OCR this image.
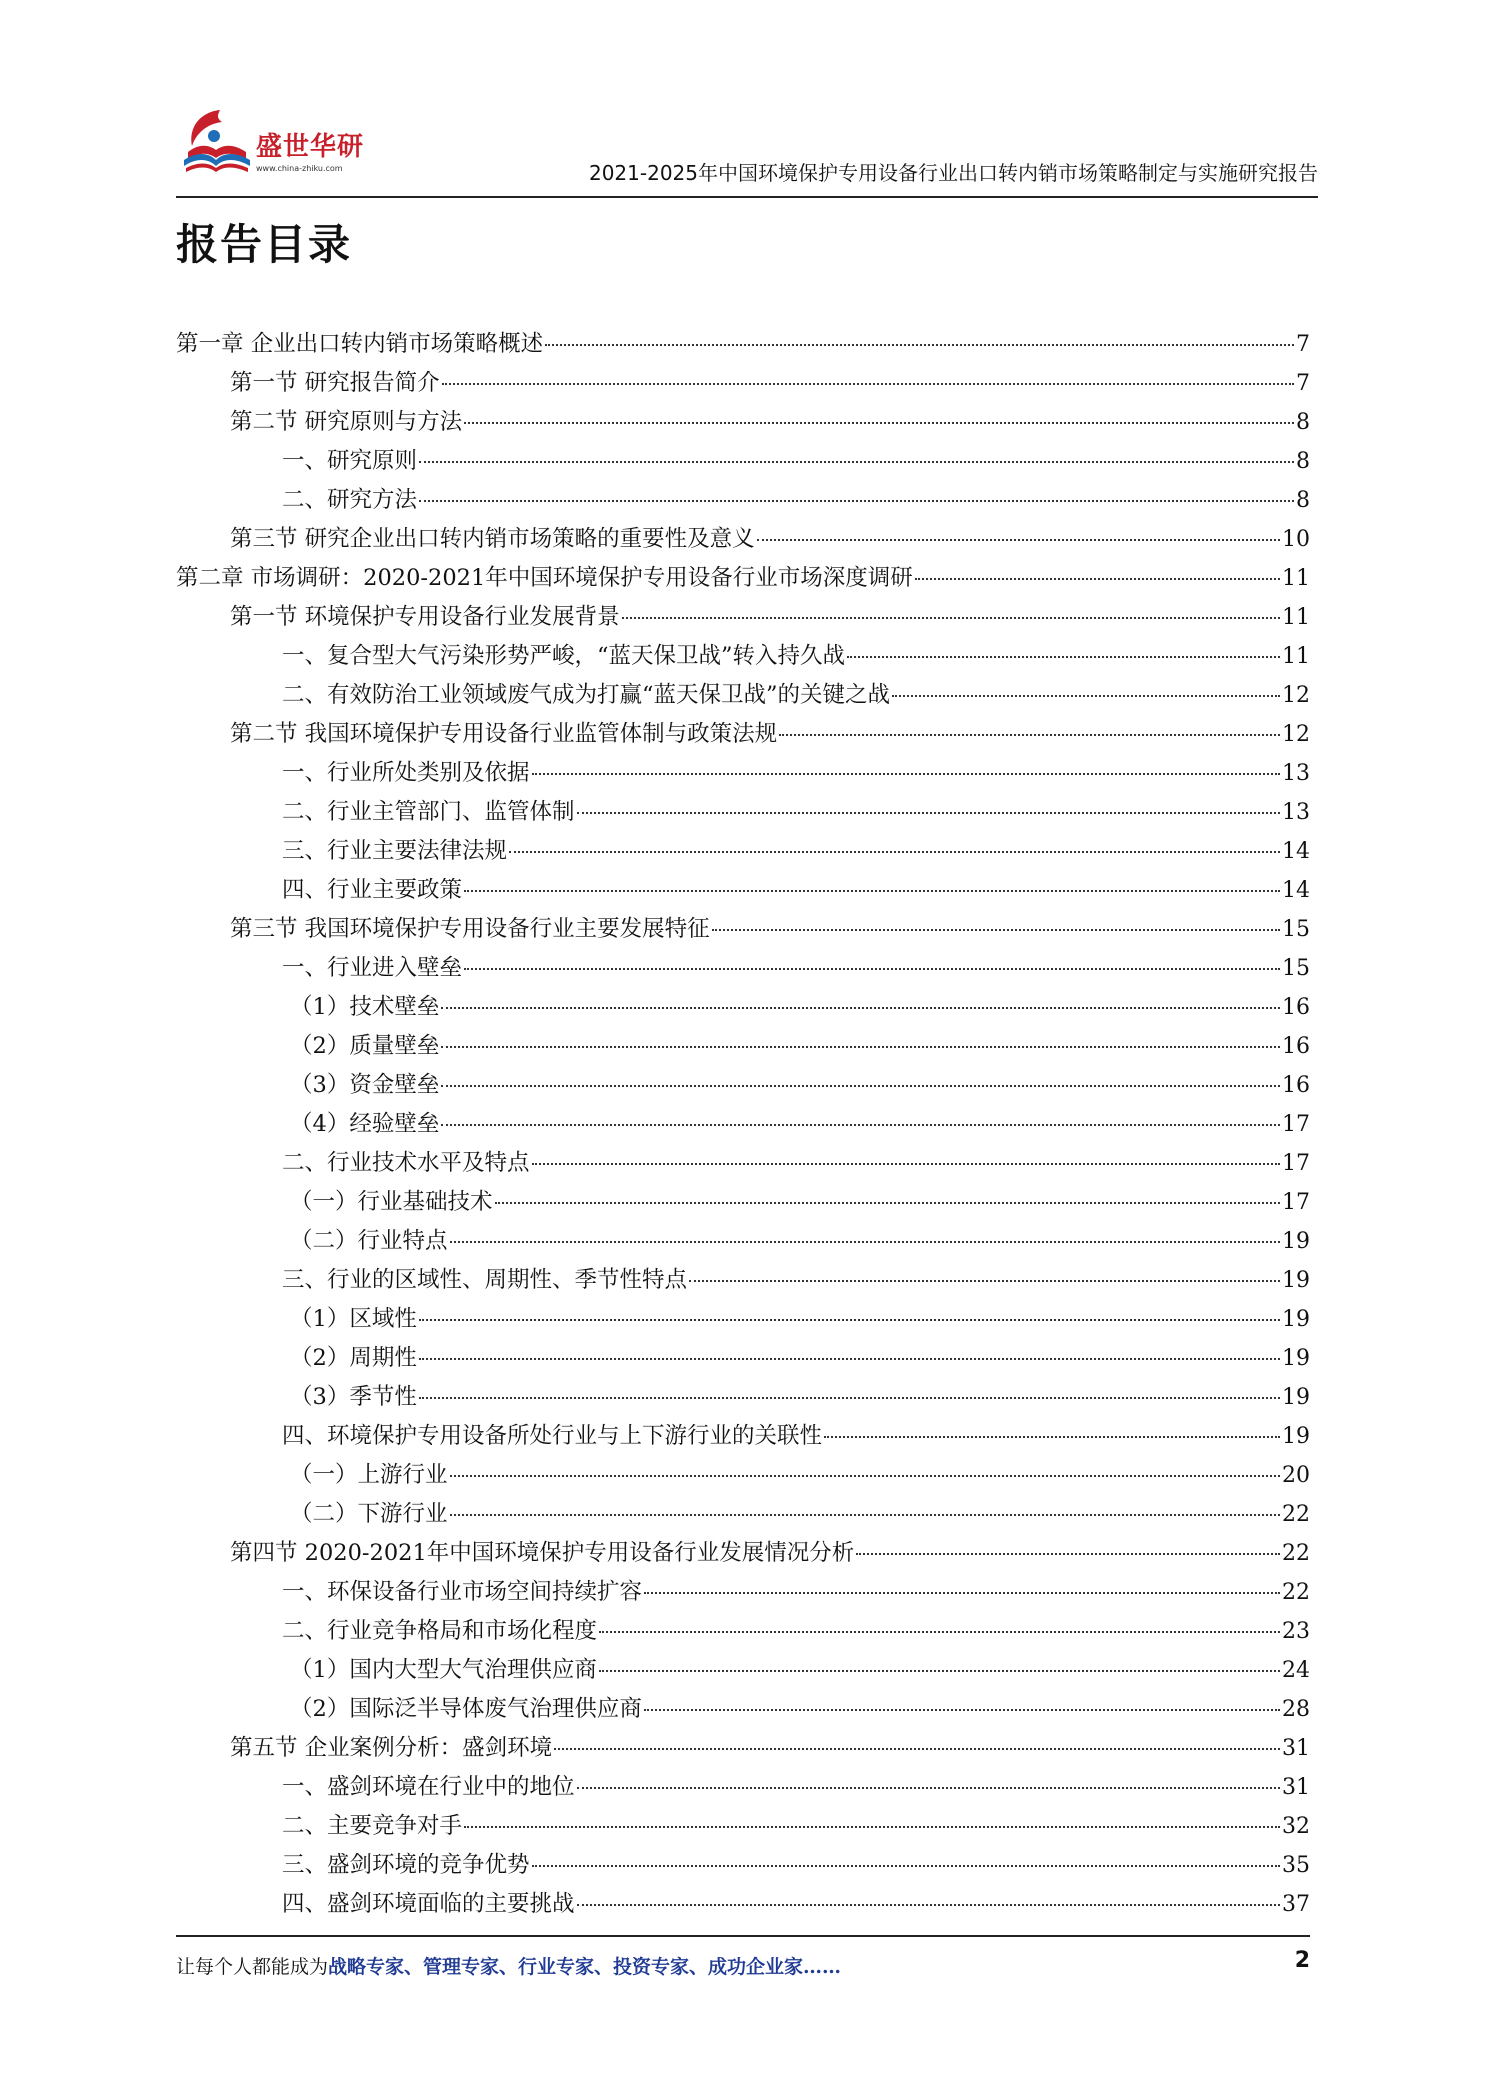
盛世华研
www.china-zhiku.com	2021-2025年中国环境保护专用设备行业出口转内销市场策略制定与实施研究报告
报告目录
第一章 企业出口转内销市场策略概述	7
第一节 研究报告简介	7
第二节 研究原则与方法	8
一、研究原则	8
二、研究方法	8
第三节 研究企业出口转内销市场策略的重要性及意义	10
第二章 市场调研：2020-2021年中国环境保护专用设备行业市场深度调研	11
第一节 环境保护专用设备行业发展背景	11
一、复合型大气污染形势严峻，“蓝天保卫战”转入持久战	11
二、有效防治工业领域废气成为打赢“蓝天保卫战”的关键之战	12
第二节 我国环境保护专用设备行业监管体制与政策法规	12
一、行业所处类别及依据	13
二、行业主管部门、监管体制	13
三、行业主要法律法规	14
四、行业主要政策	14
第三节 我国环境保护专用设备行业主要发展特征	15
一、行业进入壁垒	15
（1）技术壁垒	16
（2）质量壁垒	16
（3）资金壁垒	16
（4）经验壁垒	17
二、行业技术水平及特点	17
（一）行业基础技术	17
（二）行业特点	19
三、行业的区域性、周期性、季节性特点	19
（1）区域性	19
（2）周期性	19
（3）季节性	19
四、环境保护专用设备所处行业与上下游行业的关联性	19
（一）上游行业	20
（二）下游行业	22
第四节 2020-2021年中国环境保护专用设备行业发展情况分析	22
一、环保设备行业市场空间持续扩容	22
二、行业竞争格局和市场化程度	23
（1）国内大型大气治理供应商	24
（2）国际泛半导体废气治理供应商	28
第五节 企业案例分析：盛剑环境	31
一、盛剑环境在行业中的地位	31
二、主要竞争对手	32
三、盛剑环境的竞争优势	35
四、盛剑环境面临的主要挑战	37
让每个人都能成为战略专家、管理专家、行业专家、投资专家、成功企业家……	2
